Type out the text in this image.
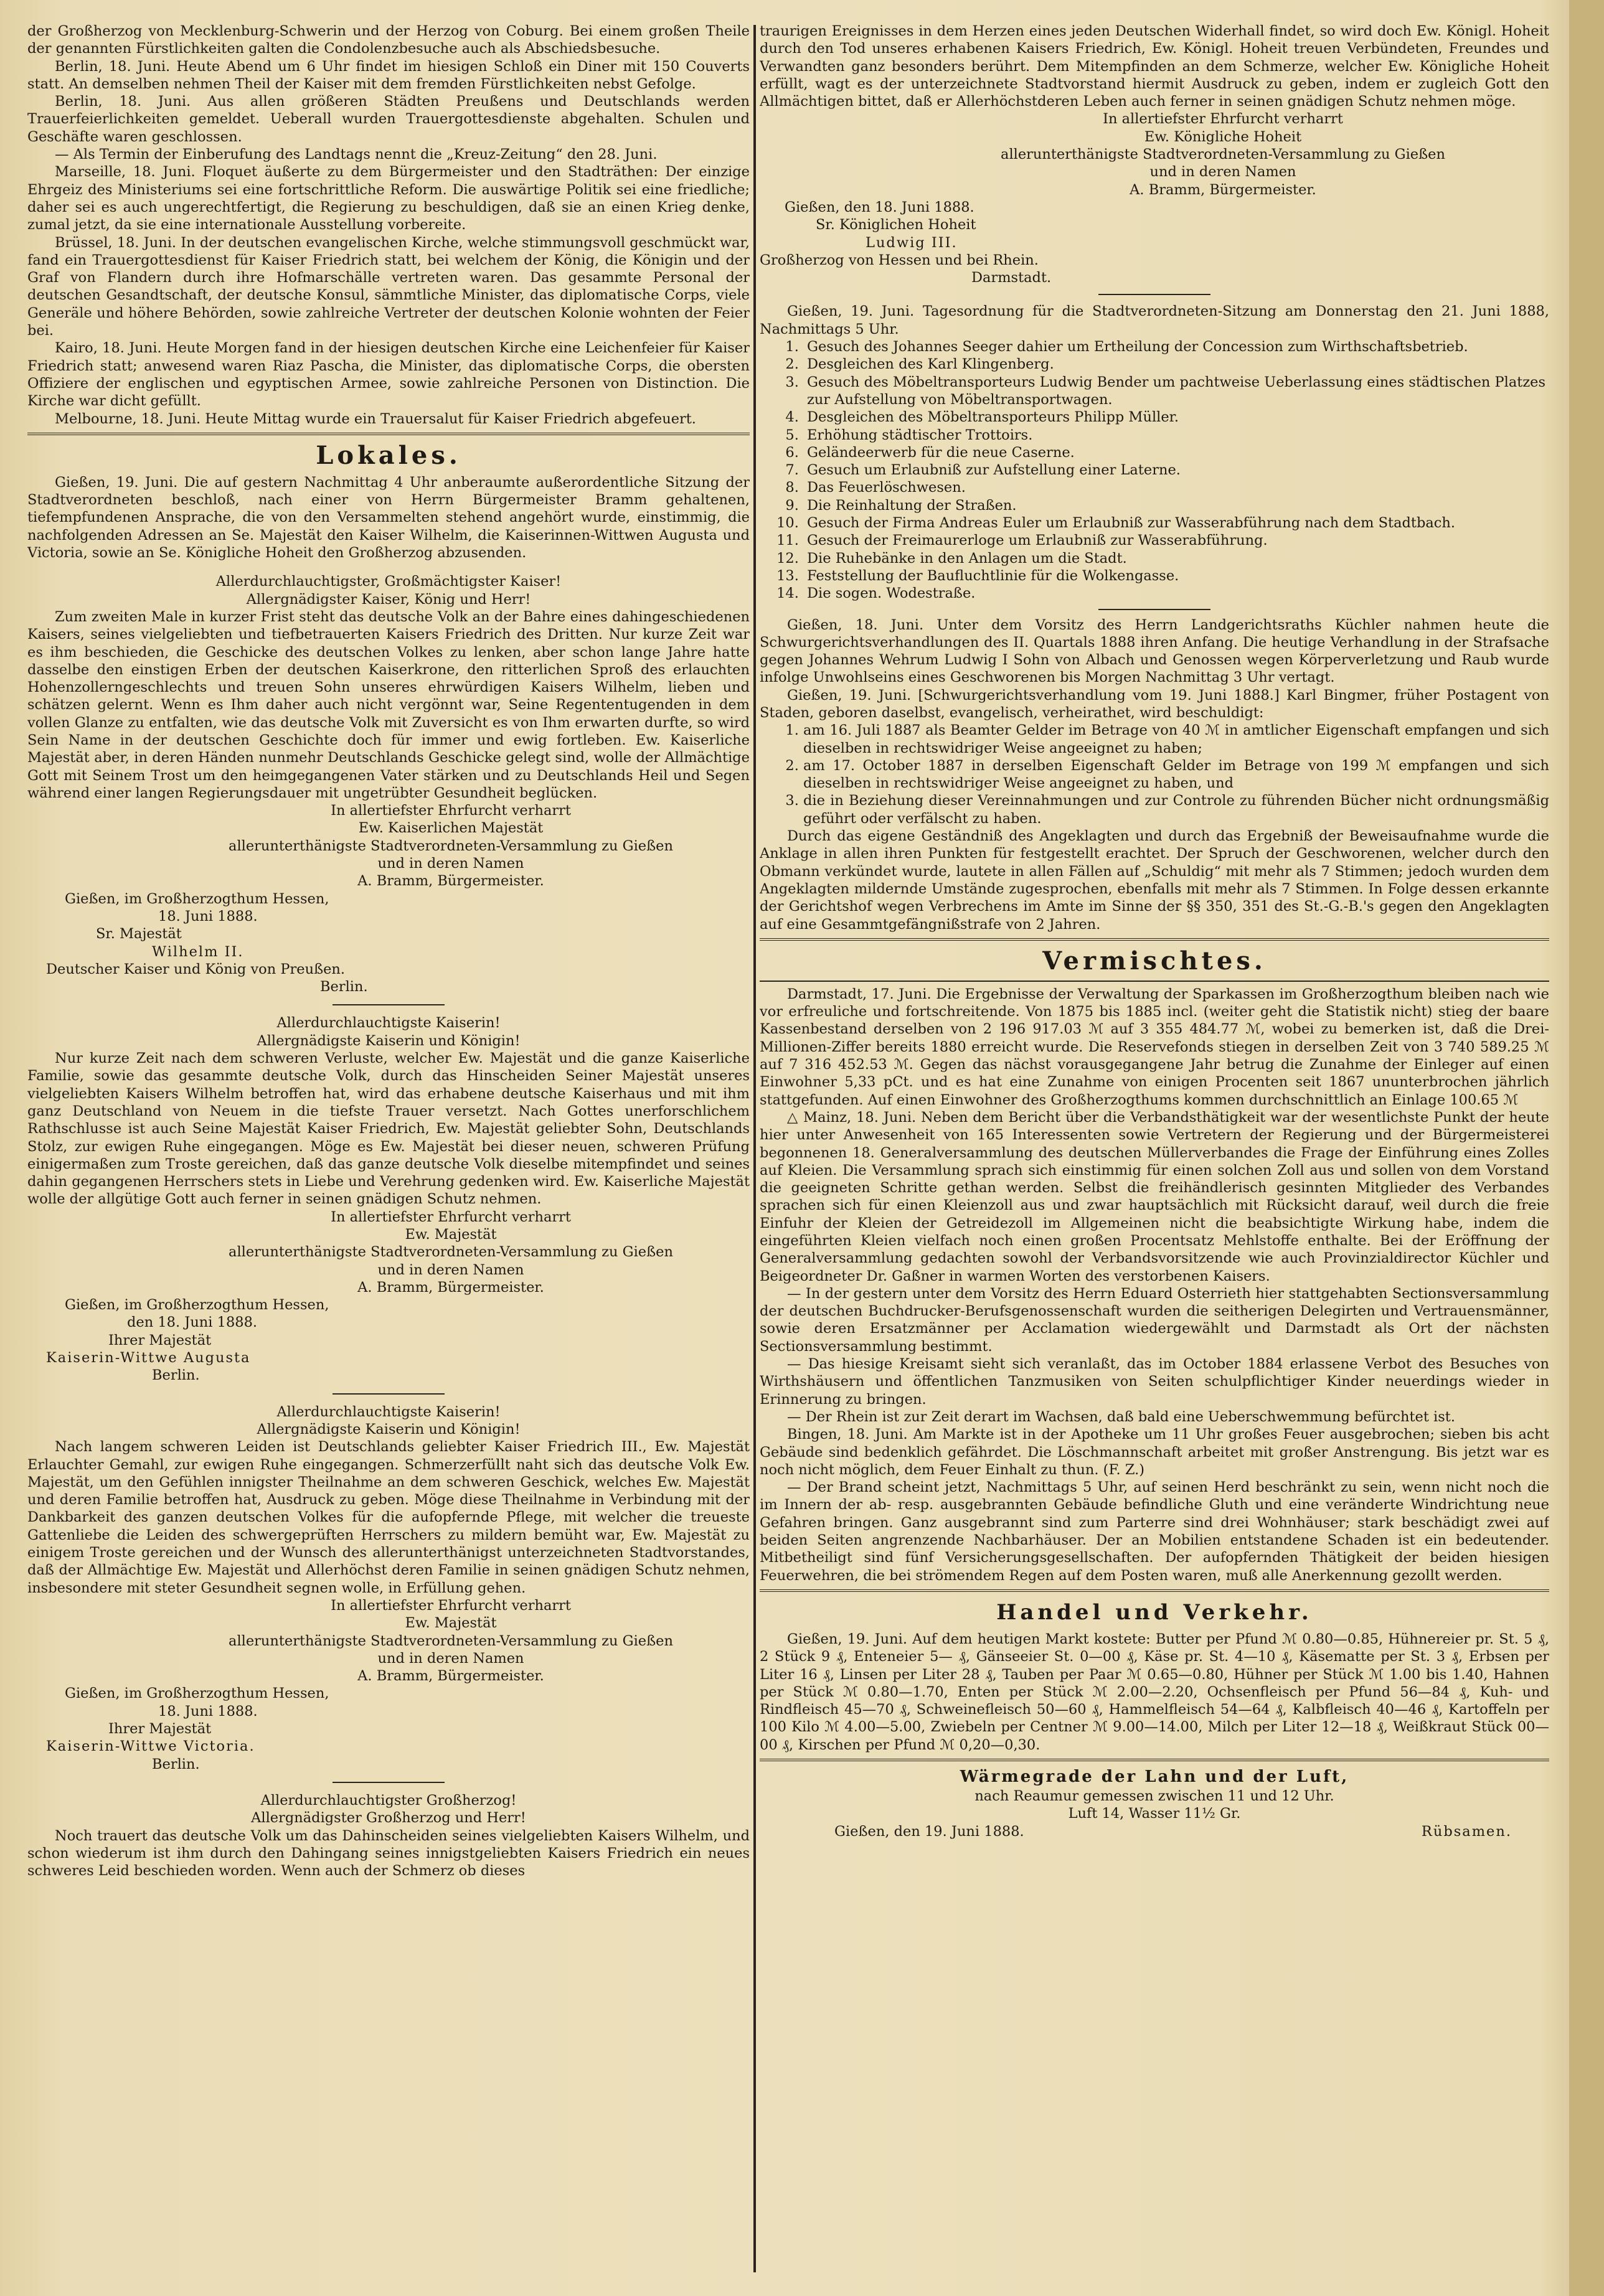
der Großherzog von Mecklenburg-Schwerin und der Herzog von Coburg. Bei einem großen Theile der genannten Fürstlichkeiten galten die Condolenzbesuche auch als Abschiedsbesuche.

Berlin, 18. Juni. Heute Abend um 6 Uhr findet im hiesigen Schloß ein Diner mit 150 Couverts statt. An demselben nehmen Theil der Kaiser mit dem fremden Fürstlichkeiten nebst Gefolge.

Berlin, 18. Juni. Aus allen größeren Städten Preußens und Deutschlands werden Trauerfeierlichkeiten gemeldet. Ueberall wurden Trauergottesdienste abgehalten. Schulen und Geschäfte waren geschlossen.

— Als Termin der Einberufung des Landtags nennt die „Kreuz-Zeitung“ den 28. Juni.

Marseille, 18. Juni. Floquet äußerte zu dem Bürgermeister und den Stadträthen: Der einzige Ehrgeiz des Ministeriums sei eine fortschrittliche Reform. Die auswärtige Politik sei eine friedliche; daher sei es auch ungerechtfertigt, die Regierung zu beschuldigen, daß sie an einen Krieg denke, zumal jetzt, da sie eine internationale Ausstellung vorbereite.

Brüssel, 18. Juni. In der deutschen evangelischen Kirche, welche stimmungsvoll geschmückt war, fand ein Trauergottesdienst für Kaiser Friedrich statt, bei welchem der König, die Königin und der Graf von Flandern durch ihre Hofmarschälle vertreten waren. Das gesammte Personal der deutschen Gesandtschaft, der deutsche Konsul, sämmtliche Minister, das diplomatische Corps, viele Generäle und höhere Behörden, sowie zahlreiche Vertreter der deutschen Kolonie wohnten der Feier bei.

Kairo, 18. Juni. Heute Morgen fand in der hiesigen deutschen Kirche eine Leichenfeier für Kaiser Friedrich statt; anwesend waren Riaz Pascha, die Minister, das diplomatische Corps, die obersten Offiziere der englischen und egyptischen Armee, sowie zahlreiche Personen von Distinction. Die Kirche war dicht gefüllt.

Melbourne, 18. Juni. Heute Mittag wurde ein Trauersalut für Kaiser Friedrich abgefeuert.

Lokales.

Gießen, 19. Juni. Die auf gestern Nachmittag 4 Uhr anberaumte außerordentliche Sitzung der Stadtverordneten beschloß, nach einer von Herrn Bürgermeister Bramm gehaltenen, tiefempfundenen Ansprache, die von den Versammelten stehend angehört wurde, einstimmig, die nachfolgenden Adressen an Se. Majestät den Kaiser Wilhelm, die Kaiserinnen-Wittwen Augusta und Victoria, sowie an Se. Königliche Hoheit den Großherzog abzusenden.

Allerdurchlauchtigster, Großmächtigster Kaiser!
Allergnädigster Kaiser, König und Herr!

Zum zweiten Male in kurzer Frist steht das deutsche Volk an der Bahre eines dahingeschiedenen Kaisers, seines vielgeliebten und tiefbetrauerten Kaisers Friedrich des Dritten. Nur kurze Zeit war es ihm beschieden, die Geschicke des deutschen Volkes zu lenken, aber schon lange Jahre hatte dasselbe den einstigen Erben der deutschen Kaiserkrone, den ritterlichen Sproß des erlauchten Hohenzollerngeschlechts und treuen Sohn unseres ehrwürdigen Kaisers Wilhelm, lieben und schätzen gelernt. Wenn es Ihm daher auch nicht vergönnt war, Seine Regententugenden in dem vollen Glanze zu entfalten, wie das deutsche Volk mit Zuversicht es von Ihm erwarten durfte, so wird Sein Name in der deutschen Geschichte doch für immer und ewig fortleben. Ew. Kaiserliche Majestät aber, in deren Händen nunmehr Deutschlands Geschicke gelegt sind, wolle der Allmächtige Gott mit Seinem Trost um den heimgegangenen Vater stärken und zu Deutschlands Heil und Segen während einer langen Regierungsdauer mit ungetrübter Gesundheit beglücken.

In allertiefster Ehrfurcht verharrt
Ew. Kaiserlichen Majestät
allerunterthänigste Stadtverordneten-Versammlung zu Gießen
und in deren Namen
A. Bramm, Bürgermeister.
Gießen, im Großherzogthum Hessen,
18. Juni 1888.
Sr. Majestät
Wilhelm II.
Deutscher Kaiser und König von Preußen.
Berlin.
Allerdurchlauchtigste Kaiserin!
Allergnädigste Kaiserin und Königin!

Nur kurze Zeit nach dem schweren Verluste, welcher Ew. Majestät und die ganze Kaiserliche Familie, sowie das gesammte deutsche Volk, durch das Hinscheiden Seiner Majestät unseres vielgeliebten Kaisers Wilhelm betroffen hat, wird das erhabene deutsche Kaiserhaus und mit ihm ganz Deutschland von Neuem in die tiefste Trauer versetzt. Nach Gottes unerforschlichem Rathschlusse ist auch Seine Majestät Kaiser Friedrich, Ew. Majestät geliebter Sohn, Deutschlands Stolz, zur ewigen Ruhe eingegangen. Möge es Ew. Majestät bei dieser neuen, schweren Prüfung einigermaßen zum Troste gereichen, daß das ganze deutsche Volk dieselbe mitempfindet und seines dahin gegangenen Herrschers stets in Liebe und Verehrung gedenken wird. Ew. Kaiserliche Majestät wolle der allgütige Gott auch ferner in seinen gnädigen Schutz nehmen.

In allertiefster Ehrfurcht verharrt
Ew. Majestät
allerunterthänigste Stadtverordneten-Versammlung zu Gießen
und in deren Namen
A. Bramm, Bürgermeister.
Gießen, im Großherzogthum Hessen,
den 18. Juni 1888.
Ihrer Majestät
Kaiserin-Wittwe Augusta
Berlin.
Allerdurchlauchtigste Kaiserin!
Allergnädigste Kaiserin und Königin!

Nach langem schweren Leiden ist Deutschlands geliebter Kaiser Friedrich III., Ew. Majestät Erlauchter Gemahl, zur ewigen Ruhe eingegangen. Schmerzerfüllt naht sich das deutsche Volk Ew. Majestät, um den Gefühlen innigster Theilnahme an dem schweren Geschick, welches Ew. Majestät und deren Familie betroffen hat, Ausdruck zu geben. Möge diese Theilnahme in Verbindung mit der Dankbarkeit des ganzen deutschen Volkes für die aufopfernde Pflege, mit welcher die treueste Gattenliebe die Leiden des schwergeprüften Herrschers zu mildern bemüht war, Ew. Majestät zu einigem Troste gereichen und der Wunsch des allerunterthänigst unterzeichneten Stadtvorstandes, daß der Allmächtige Ew. Majestät und Allerhöchst deren Familie in seinen gnädigen Schutz nehmen, insbesondere mit steter Gesundheit segnen wolle, in Erfüllung gehen.

In allertiefster Ehrfurcht verharrt
Ew. Majestät
allerunterthänigste Stadtverordneten-Versammlung zu Gießen
und in deren Namen
A. Bramm, Bürgermeister.
Gießen, im Großherzogthum Hessen,
18. Juni 1888.
Ihrer Majestät
Kaiserin-Wittwe Victoria.
Berlin.
Allerdurchlauchtigster Großherzog!
Allergnädigster Großherzog und Herr!

Noch trauert das deutsche Volk um das Dahinscheiden seines vielgeliebten Kaisers Wilhelm, und schon wiederum ist ihm durch den Dahingang seines innigstgeliebten Kaisers Friedrich ein neues schweres Leid beschieden worden. Wenn auch der Schmerz ob dieses

traurigen Ereignisses in dem Herzen eines jeden Deutschen Widerhall findet, so wird doch Ew. Königl. Hoheit durch den Tod unseres erhabenen Kaisers Friedrich, Ew. Königl. Hoheit treuen Verbündeten, Freundes und Verwandten ganz besonders berührt. Dem Mitempfinden an dem Schmerze, welcher Ew. Königliche Hoheit erfüllt, wagt es der unterzeichnete Stadtvorstand hiermit Ausdruck zu geben, indem er zugleich Gott den Allmächtigen bittet, daß er Allerhöchstderen Leben auch ferner in seinen gnädigen Schutz nehmen möge.

In allertiefster Ehrfurcht verharrt
Ew. Königliche Hoheit
allerunterthänigste Stadtverordneten-Versammlung zu Gießen
und in deren Namen
A. Bramm, Bürgermeister.
Gießen, den 18. Juni 1888.
Sr. Königlichen Hoheit
Ludwig III.
Großherzog von Hessen und bei Rhein.
Darmstadt.

Gießen, 19. Juni. Tagesordnung für die Stadtverordneten-Sitzung am Donnerstag den 21. Juni 1888, Nachmittags 5 Uhr.

1. Gesuch des Johannes Seeger dahier um Ertheilung der Concession zum Wirthschaftsbetrieb.
2. Desgleichen des Karl Klingenberg.
3. Gesuch des Möbeltransporteurs Ludwig Bender um pachtweise Ueberlassung eines städtischen Platzes zur Aufstellung von Möbeltransportwagen.
4. Desgleichen des Möbeltransporteurs Philipp Müller.
5. Erhöhung städtischer Trottoirs.
6. Geländeerwerb für die neue Caserne.
7. Gesuch um Erlaubniß zur Aufstellung einer Laterne.
8. Das Feuerlöschwesen.
9. Die Reinhaltung der Straßen.
10. Gesuch der Firma Andreas Euler um Erlaubniß zur Wasserabführung nach dem Stadtbach.
11. Gesuch der Freimaurerloge um Erlaubniß zur Wasserabführung.
12. Die Ruhebänke in den Anlagen um die Stadt.
13. Feststellung der Baufluchtlinie für die Wolkengasse.
14. Die sogen. Wodestraße.

Gießen, 18. Juni. Unter dem Vorsitz des Herrn Landgerichtsraths Küchler nahmen heute die Schwurgerichtsverhandlungen des II. Quartals 1888 ihren Anfang. Die heutige Verhandlung in der Strafsache gegen Johannes Wehrum Ludwig I Sohn von Albach und Genossen wegen Körperverletzung und Raub wurde infolge Unwohlseins eines Geschworenen bis Morgen Nachmittag 3 Uhr vertagt.

Gießen, 19. Juni. [Schwurgerichtsverhandlung vom 19. Juni 1888.] Karl Bingmer, früher Postagent von Staden, geboren daselbst, evangelisch, verheirathet, wird beschuldigt:

1. am 16. Juli 1887 als Beamter Gelder im Betrage von 40 ℳ in amtlicher Eigenschaft empfangen und sich dieselben in rechtswidriger Weise angeeignet zu haben;
2. am 17. October 1887 in derselben Eigenschaft Gelder im Betrage von 199 ℳ empfangen und sich dieselben in rechtswidriger Weise angeeignet zu haben, und
3. die in Beziehung dieser Vereinnahmungen und zur Controle zu führenden Bücher nicht ordnungsmäßig geführt oder verfälscht zu haben.

Durch das eigene Geständniß des Angeklagten und durch das Ergebniß der Beweisaufnahme wurde die Anklage in allen ihren Punkten für festgestellt erachtet. Der Spruch der Geschworenen, welcher durch den Obmann verkündet wurde, lautete in allen Fällen auf „Schuldig“ mit mehr als 7 Stimmen; jedoch wurden dem Angeklagten mildernde Umstände zugesprochen, ebenfalls mit mehr als 7 Stimmen. In Folge dessen erkannte der Gerichtshof wegen Verbrechens im Amte im Sinne der §§ 350, 351 des St.-G.-B.'s gegen den Angeklagten auf eine Gesammtgefängnißstrafe von 2 Jahren.

Vermischtes.

Darmstadt, 17. Juni. Die Ergebnisse der Verwaltung der Sparkassen im Großherzogthum bleiben nach wie vor erfreuliche und fortschreitende. Von 1875 bis 1885 incl. (weiter geht die Statistik nicht) stieg der baare Kassenbestand derselben von 2 196 917.03 ℳ auf 3 355 484.77 ℳ, wobei zu bemerken ist, daß die Drei-Millionen-Ziffer bereits 1880 erreicht wurde. Die Reservefonds stiegen in derselben Zeit von 3 740 589.25 ℳ auf 7 316 452.53 ℳ. Gegen das nächst vorausgegangene Jahr betrug die Zunahme der Einleger auf einen Einwohner 5,33 pCt. und es hat eine Zunahme von einigen Procenten seit 1867 ununterbrochen jährlich stattgefunden. Auf einen Einwohner des Großherzogthums kommen durchschnittlich an Einlage 100.65 ℳ

△ Mainz, 18. Juni. Neben dem Bericht über die Verbandsthätigkeit war der wesentlichste Punkt der heute hier unter Anwesenheit von 165 Interessenten sowie Vertretern der Regierung und der Bürgermeisterei begonnenen 18. Generalversammlung des deutschen Müllerverbandes die Frage der Einführung eines Zolles auf Kleien. Die Versammlung sprach sich einstimmig für einen solchen Zoll aus und sollen von dem Vorstand die geeigneten Schritte gethan werden. Selbst die freihändlerisch gesinnten Mitglieder des Verbandes sprachen sich für einen Kleienzoll aus und zwar hauptsächlich mit Rücksicht darauf, weil durch die freie Einfuhr der Kleien der Getreidezoll im Allgemeinen nicht die beabsichtigte Wirkung habe, indem die eingeführten Kleien vielfach noch einen großen Procentsatz Mehlstoffe enthalte. Bei der Eröffnung der Generalversammlung gedachten sowohl der Verbandsvorsitzende wie auch Provinzialdirector Küchler und Beigeordneter Dr. Gaßner in warmen Worten des verstorbenen Kaisers.

— In der gestern unter dem Vorsitz des Herrn Eduard Osterrieth hier stattgehabten Sectionsversammlung der deutschen Buchdrucker-Berufsgenossenschaft wurden die seitherigen Delegirten und Vertrauensmänner, sowie deren Ersatzmänner per Acclamation wiedergewählt und Darmstadt als Ort der nächsten Sectionsversammlung bestimmt.

— Das hiesige Kreisamt sieht sich veranlaßt, das im October 1884 erlassene Verbot des Besuches von Wirthshäusern und öffentlichen Tanzmusiken von Seiten schulpflichtiger Kinder neuerdings wieder in Erinnerung zu bringen.

— Der Rhein ist zur Zeit derart im Wachsen, daß bald eine Ueberschwemmung befürchtet ist.

Bingen, 18. Juni. Am Markte ist in der Apotheke um 11 Uhr großes Feuer ausgebrochen; sieben bis acht Gebäude sind bedenklich gefährdet. Die Löschmannschaft arbeitet mit großer Anstrengung. Bis jetzt war es noch nicht möglich, dem Feuer Einhalt zu thun. (F. Z.)

— Der Brand scheint jetzt, Nachmittags 5 Uhr, auf seinen Herd beschränkt zu sein, wenn nicht noch die im Innern der ab- resp. ausgebrannten Gebäude befindliche Gluth und eine veränderte Windrichtung neue Gefahren bringen. Ganz ausgebrannt sind zum Parterre sind drei Wohnhäuser; stark beschädigt zwei auf beiden Seiten angrenzende Nachbarhäuser. Der an Mobilien entstandene Schaden ist ein bedeutender. Mitbetheiligt sind fünf Versicherungsgesellschaften. Der aufopfernden Thätigkeit der beiden hiesigen Feuerwehren, die bei strömendem Regen auf dem Posten waren, muß alle Anerkennung gezollt werden.

Handel und Verkehr.

Gießen, 19. Juni. Auf dem heutigen Markt kostete: Butter per Pfund ℳ 0.80—0.85, Hühnereier pr. St. 5 ₰, 2 Stück 9 ₰, Enteneier 5— ₰, Gänseeier St. 0—00 ₰, Käse pr. St. 4—10 ₰, Käsematte per St. 3 ₰, Erbsen per Liter 16 ₰, Linsen per Liter 28 ₰, Tauben per Paar ℳ 0.65—0.80, Hühner per Stück ℳ 1.00 bis 1.40, Hahnen per Stück ℳ 0.80—1.70, Enten per Stück ℳ 2.00—2.20, Ochsenfleisch per Pfund 56—84 ₰, Kuh- und Rindfleisch 45—70 ₰, Schweinefleisch 50—60 ₰, Hammelfleisch 54—64 ₰, Kalbfleisch 40—46 ₰, Kartoffeln per 100 Kilo ℳ 4.00—5.00, Zwiebeln per Centner ℳ 9.00—14.00, Milch per Liter 12—18 ₰, Weißkraut Stück 00—00 ₰, Kirschen per Pfund ℳ 0,20—0,30.

Wärmegrade der Lahn und der Luft,
nach Reaumur gemessen zwischen 11 und 12 Uhr.
Luft 14, Wasser 11½ Gr.
Gießen, den 19. Juni 1888.	Rübsamen.
